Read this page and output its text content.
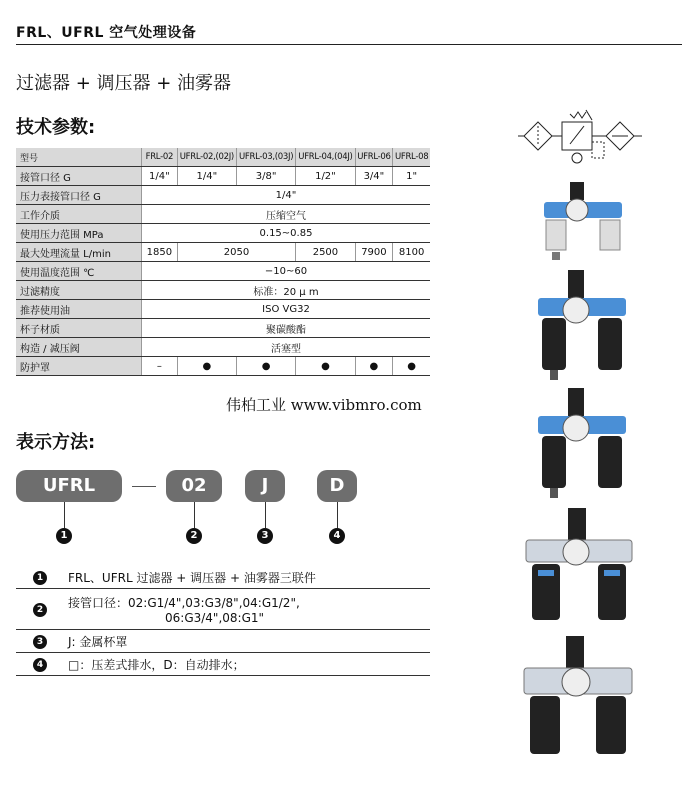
FRL、UFRL 空气处理设备
过滤器 + 调压器 + 油雾器
技术参数:
型号	FRL-02	UFRL-02,(02J)	UFRL-03,(03J)	UFRL-04,(04J)	UFRL-06	UFRL-08
接管口径 G	1/4"	1/4"	3/8"	1/2"	3/4"	1"
压力表接管口径 G	1/4"					
工作介质	压缩空气					
使用压力范围 MPa	0.15~0.85					
最大处理流量 L/min	1850	2050		2500	7900	8100
使用温度范围 ℃	−10~60					
过滤精度	标准：20 μ m					
推荐使用油	ISO VG32					
杯子材质	聚碳酸酯					
构造 / 减压阀	活塞型					
防护罩	–	●	●	●	●	●
伟柏工业 www.vibmro.com
表示方法:
UFRL	02	J	D
1	2	3	4
1	FRL、UFRL 过滤器 + 调压器 + 油雾器三联件
2	接管口径：02:G1/4",03:G3/8",04:G1/2",
06:G3/4",08:G1"

3	J: 金属杯罩
4	□：压差式排水，D：自动排水；
